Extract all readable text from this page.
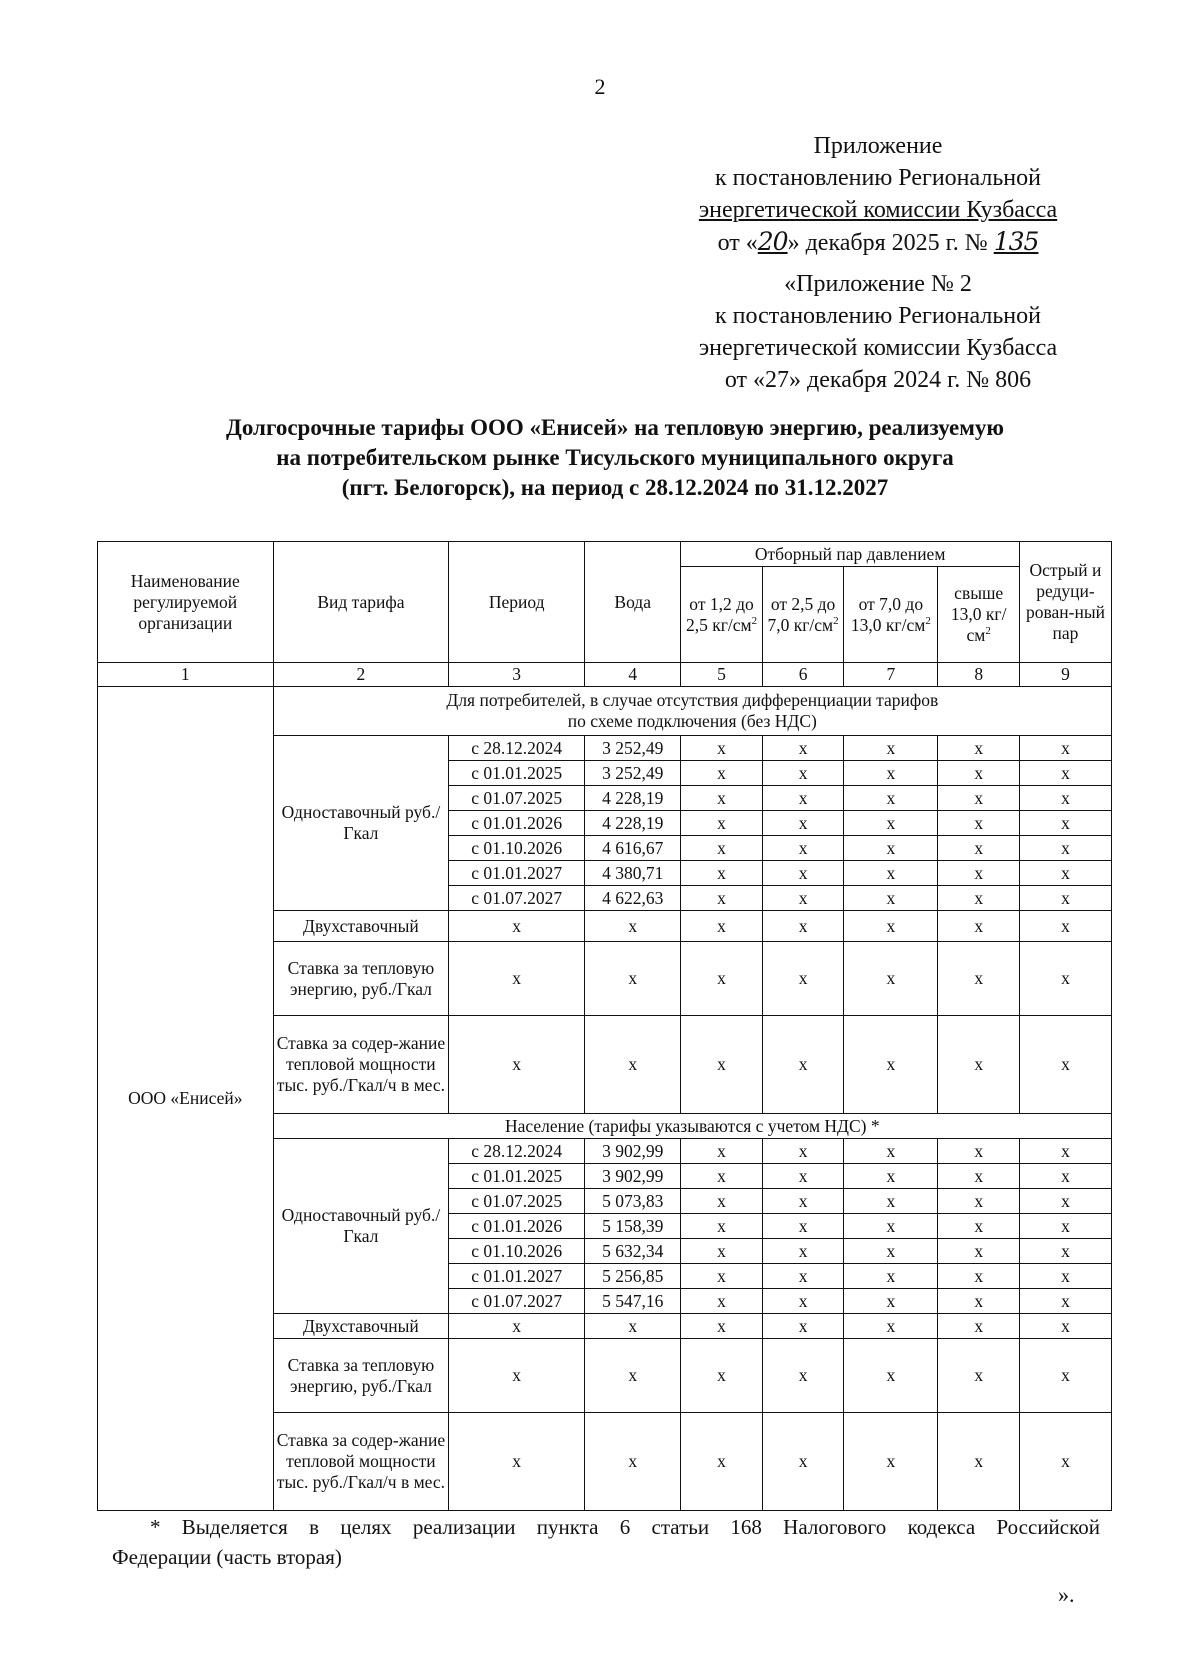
2
Приложение
к постановлению Региональной
энергетической комиссии Кузбасса
от «20» декабря 2025 г. № 135
«Приложение № 2
к постановлению Региональной
энергетической комиссии Кузбасса
от «27» декабря 2024 г. № 806
Долгосрочные тарифы ООО «Енисей» на тепловую энергию, реализуемую
на потребительском рынке Тисульского муниципального округа
(пгт. Белогорск), на период с 28.12.2024 по 31.12.2027
Наименование регулируемой организации	Вид тарифа	Период	Вода	Отборный пар давлением				Острый и редуци-рован-ный пар
				от 1,2 до 2,5 $кг/см^2$	от 2,5 до 7,0 $кг/см^2$	от 7,0 до 13,0 $кг/см^2$	свыше 13,0 $кг/см^2$
1	2	3	4	5	6	7	8	9
ООО «Енисей»	Для потребителей, в случае отсутствия дифференциации тарифов
по схеме подключения (без НДС)							

	Одноставочный руб./Гкал	с 28.12.2024	3 252,49	х	х	х	х	х
		с 01.01.2025	3 252,49	х	х	х	х	х
		с 01.07.2025	4 228,19	х	х	х	х	х
		с 01.01.2026	4 228,19	х	х	х	х	х
		с 01.10.2026	4 616,67	х	х	х	х	х
		с 01.01.2027	4 380,71	х	х	х	х	х
		с 01.07.2027	4 622,63	х	х	х	х	х
	Двухставочный	х	х	х	х	х	х	х
	Ставка за тепловую энергию, руб./Гкал	х	х	х	х	х	х	х
	Ставка за содер-жание тепловой мощности тыс. руб./Гкал/ч в мес.	х	х	х	х	х	х	х
	Население (тарифы указываются с учетом НДС) *							
	Одноставочный руб./Гкал	с 28.12.2024	3 902,99	х	х	х	х	х
		с 01.01.2025	3 902,99	х	х	х	х	х
		с 01.07.2025	5 073,83	х	х	х	х	х
		с 01.01.2026	5 158,39	х	х	х	х	х
		с 01.10.2026	5 632,34	х	х	х	х	х
		с 01.01.2027	5 256,85	х	х	х	х	х
		с 01.07.2027	5 547,16	х	х	х	х	х
	Двухставочный	х	х	х	х	х	х	х
	Ставка за тепловую энергию, руб./Гкал	х	х	х	х	х	х	х
	Ставка за содер-жание тепловой мощности тыс. руб./Гкал/ч в мес.	х	х	х	х	х	х	х
* Выделяется в целях реализации пункта 6 статьи 168 Налогового кодекса Российской
Федерации (часть вторая)
».
